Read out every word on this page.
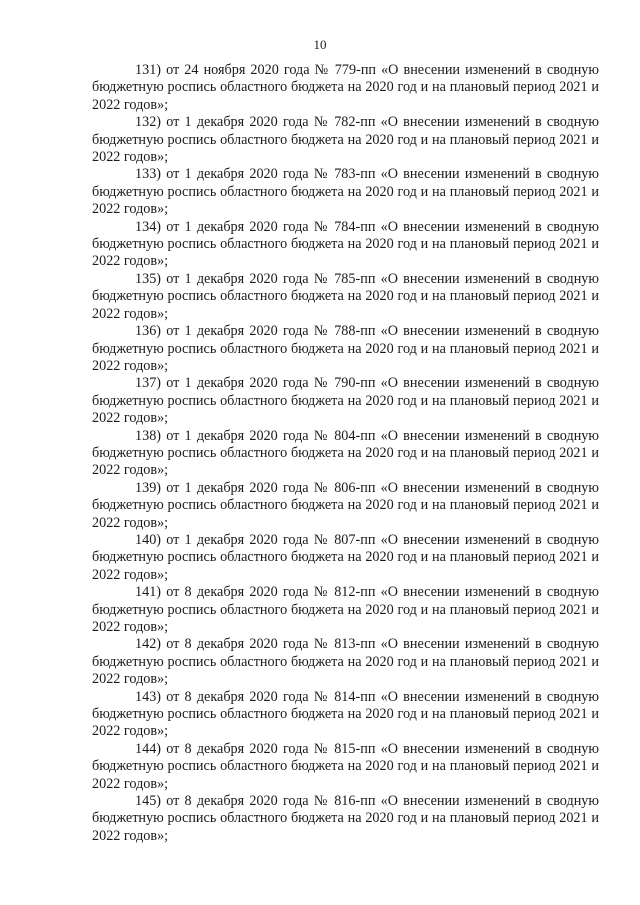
10

131) от 24 ноября 2020 года № 779-пп «О внесении изменений в сводную бюджетную роспись областного бюджета на 2020 год и на плановый период 2021 и 2022 годов»;

132) от 1 декабря 2020 года № 782-пп «О внесении изменений в сводную бюджетную роспись областного бюджета на 2020 год и на плановый период 2021 и 2022 годов»;

133) от 1 декабря 2020 года № 783-пп «О внесении изменений в сводную бюджетную роспись областного бюджета на 2020 год и на плановый период 2021 и 2022 годов»;

134) от 1 декабря 2020 года № 784-пп «О внесении изменений в сводную бюджетную роспись областного бюджета на 2020 год и на плановый период 2021 и 2022 годов»;

135) от 1 декабря 2020 года № 785-пп «О внесении изменений в сводную бюджетную роспись областного бюджета на 2020 год и на плановый период 2021 и 2022 годов»;

136) от 1 декабря 2020 года № 788-пп «О внесении изменений в сводную бюджетную роспись областного бюджета на 2020 год и на плановый период 2021 и 2022 годов»;

137) от 1 декабря 2020 года № 790-пп «О внесении изменений в сводную бюджетную роспись областного бюджета на 2020 год и на плановый период 2021 и 2022 годов»;

138) от 1 декабря 2020 года № 804-пп «О внесении изменений в сводную бюджетную роспись областного бюджета на 2020 год и на плановый период 2021 и 2022 годов»;

139) от 1 декабря 2020 года № 806-пп «О внесении изменений в сводную бюджетную роспись областного бюджета на 2020 год и на плановый период 2021 и 2022 годов»;

140) от 1 декабря 2020 года № 807-пп «О внесении изменений в сводную бюджетную роспись областного бюджета на 2020 год и на плановый период 2021 и 2022 годов»;

141) от 8 декабря 2020 года № 812-пп «О внесении изменений в сводную бюджетную роспись областного бюджета на 2020 год и на плановый период 2021 и 2022 годов»;

142) от 8 декабря 2020 года № 813-пп «О внесении изменений в сводную бюджетную роспись областного бюджета на 2020 год и на плановый период 2021 и 2022 годов»;

143) от 8 декабря 2020 года № 814-пп «О внесении изменений в сводную бюджетную роспись областного бюджета на 2020 год и на плановый период 2021 и 2022 годов»;

144) от 8 декабря 2020 года № 815-пп «О внесении изменений в сводную бюджетную роспись областного бюджета на 2020 год и на плановый период 2021 и 2022 годов»;

145) от 8 декабря 2020 года № 816-пп «О внесении изменений в сводную бюджетную роспись областного бюджета на 2020 год и на плановый период 2021 и 2022 годов»;
